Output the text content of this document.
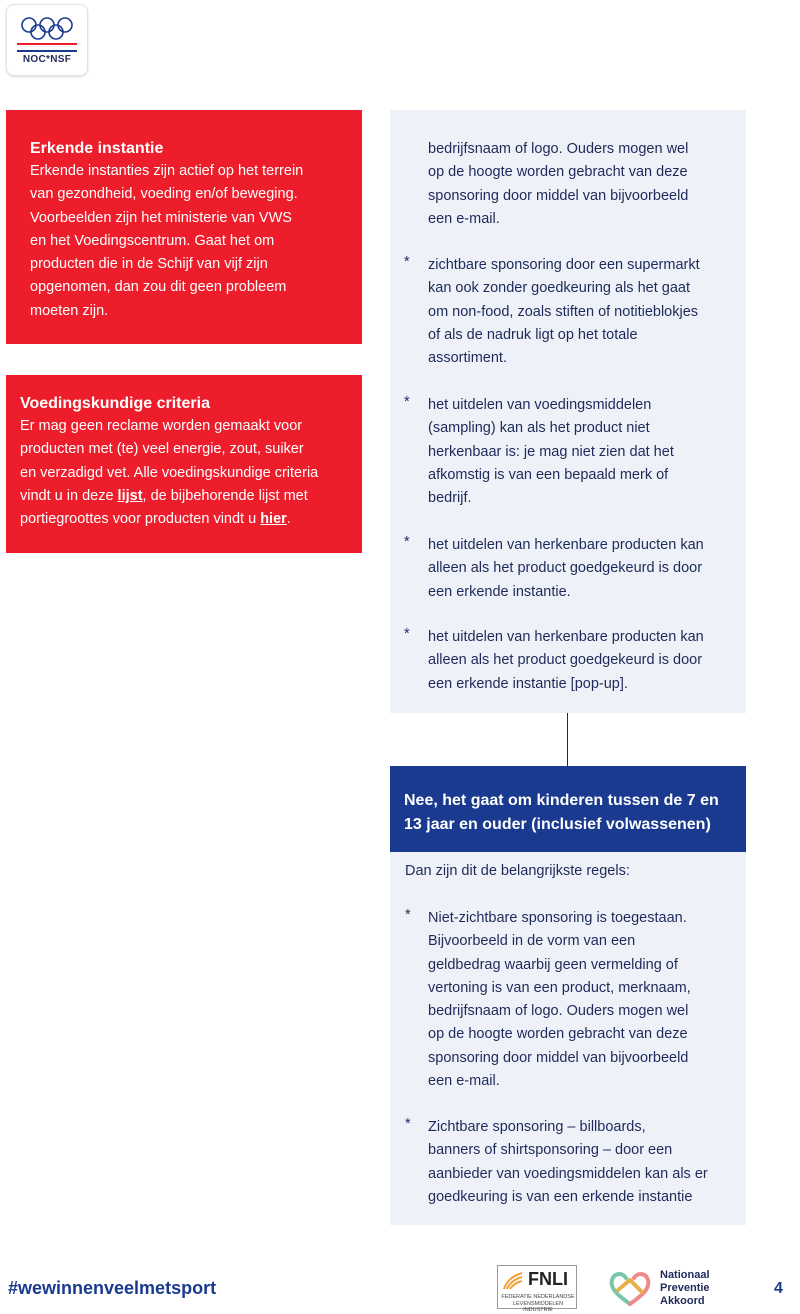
NOC*NSF
Erkende instantie
Erkende instanties zijn actief op het terrein
van gezondheid, voeding en/of beweging.
Voorbeelden zijn het ministerie van VWS
en het Voedingscentrum. Gaat het om
producten die in de Schijf van vijf zijn
opgenomen, dan zou dit geen probleem
moeten zijn.
Voedingskundige criteria
Er mag geen reclame worden gemaakt voor
producten met (te) veel energie, zout, suiker
en verzadigd vet. Alle voedingskundige criteria
vindt u in deze lijst, de bijbehorende lijst met
portiegroottes voor producten vindt u hier.
bedrijfsnaam of logo. Ouders mogen wel
op de hoogte worden gebracht van deze
sponsoring door middel van bijvoorbeeld
een e-mail.
* zichtbare sponsoring door een supermarkt
kan ook zonder goedkeuring als het gaat
om non-food, zoals stiften of notitieblokjes
of als de nadruk ligt op het totale
assortiment.
* het uitdelen van voedingsmiddelen
(sampling) kan als het product niet
herkenbaar is: je mag niet zien dat het
afkomstig is van een bepaald merk of
bedrijf.
* het uitdelen van herkenbare producten kan
alleen als het product goedgekeurd is door
een erkende instantie.
* het uitdelen van herkenbare producten kan
alleen als het product goedgekeurd is door
een erkende instantie [pop-up].
Nee, het gaat om kinderen tussen de 7 en
13 jaar en ouder (inclusief volwassenen)
Dan zijn dit de belangrijkste regels:
* Niet-zichtbare sponsoring is toegestaan.
Bijvoorbeeld in de vorm van een
geldbedrag waarbij geen vermelding of
vertoning is van een product, merknaam,
bedrijfsnaam of logo. Ouders mogen wel
op de hoogte worden gebracht van deze
sponsoring door middel van bijvoorbeeld
een e-mail.
* Zichtbare sponsoring – billboards,
banners of shirtsponsoring – door een
aanbieder van voedingsmiddelen kan als er
goedkeuring is van een erkende instantie
#wewinnenveelmetsport	FNLI
FEDERATIE NEDERLANDSE
LEVENSMIDDELEN INDUSTRIE
Nationaal
Preventie
Akkoord
4
